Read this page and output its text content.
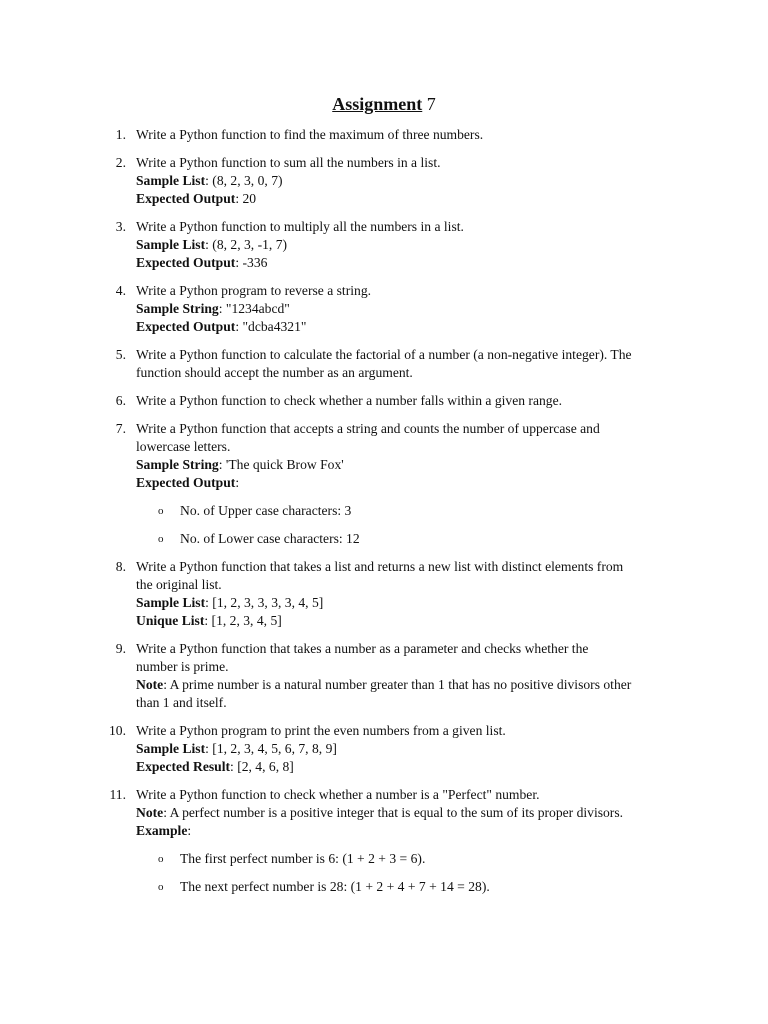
Assignment 7
1. Write a Python function to find the maximum of three numbers.
2. Write a Python function to sum all the numbers in a list.
Sample List: (8, 2, 3, 0, 7)
Expected Output: 20
3. Write a Python function to multiply all the numbers in a list.
Sample List: (8, 2, 3, -1, 7)
Expected Output: -336
4. Write a Python program to reverse a string.
Sample String: "1234abcd"
Expected Output: "dcba4321"
5. Write a Python function to calculate the factorial of a number (a non-negative integer). The
function should accept the number as an argument.
6. Write a Python function to check whether a number falls within a given range.
7. Write a Python function that accepts a string and counts the number of uppercase and
lowercase letters.
Sample String: 'The quick Brow Fox'
Expected Output:
o No. of Upper case characters: 3
o No. of Lower case characters: 12
8. Write a Python function that takes a list and returns a new list with distinct elements from
the original list.
Sample List: [1, 2, 3, 3, 3, 3, 4, 5]
Unique List: [1, 2, 3, 4, 5]
9. Write a Python function that takes a number as a parameter and checks whether the
number is prime.
Note: A prime number is a natural number greater than 1 that has no positive divisors other
than 1 and itself.
10. Write a Python program to print the even numbers from a given list.
Sample List: [1, 2, 3, 4, 5, 6, 7, 8, 9]
Expected Result: [2, 4, 6, 8]
11. Write a Python function to check whether a number is a "Perfect" number.
Note: A perfect number is a positive integer that is equal to the sum of its proper divisors.
Example:
o The first perfect number is 6: (1 + 2 + 3 = 6).
o The next perfect number is 28: (1 + 2 + 4 + 7 + 14 = 28).
